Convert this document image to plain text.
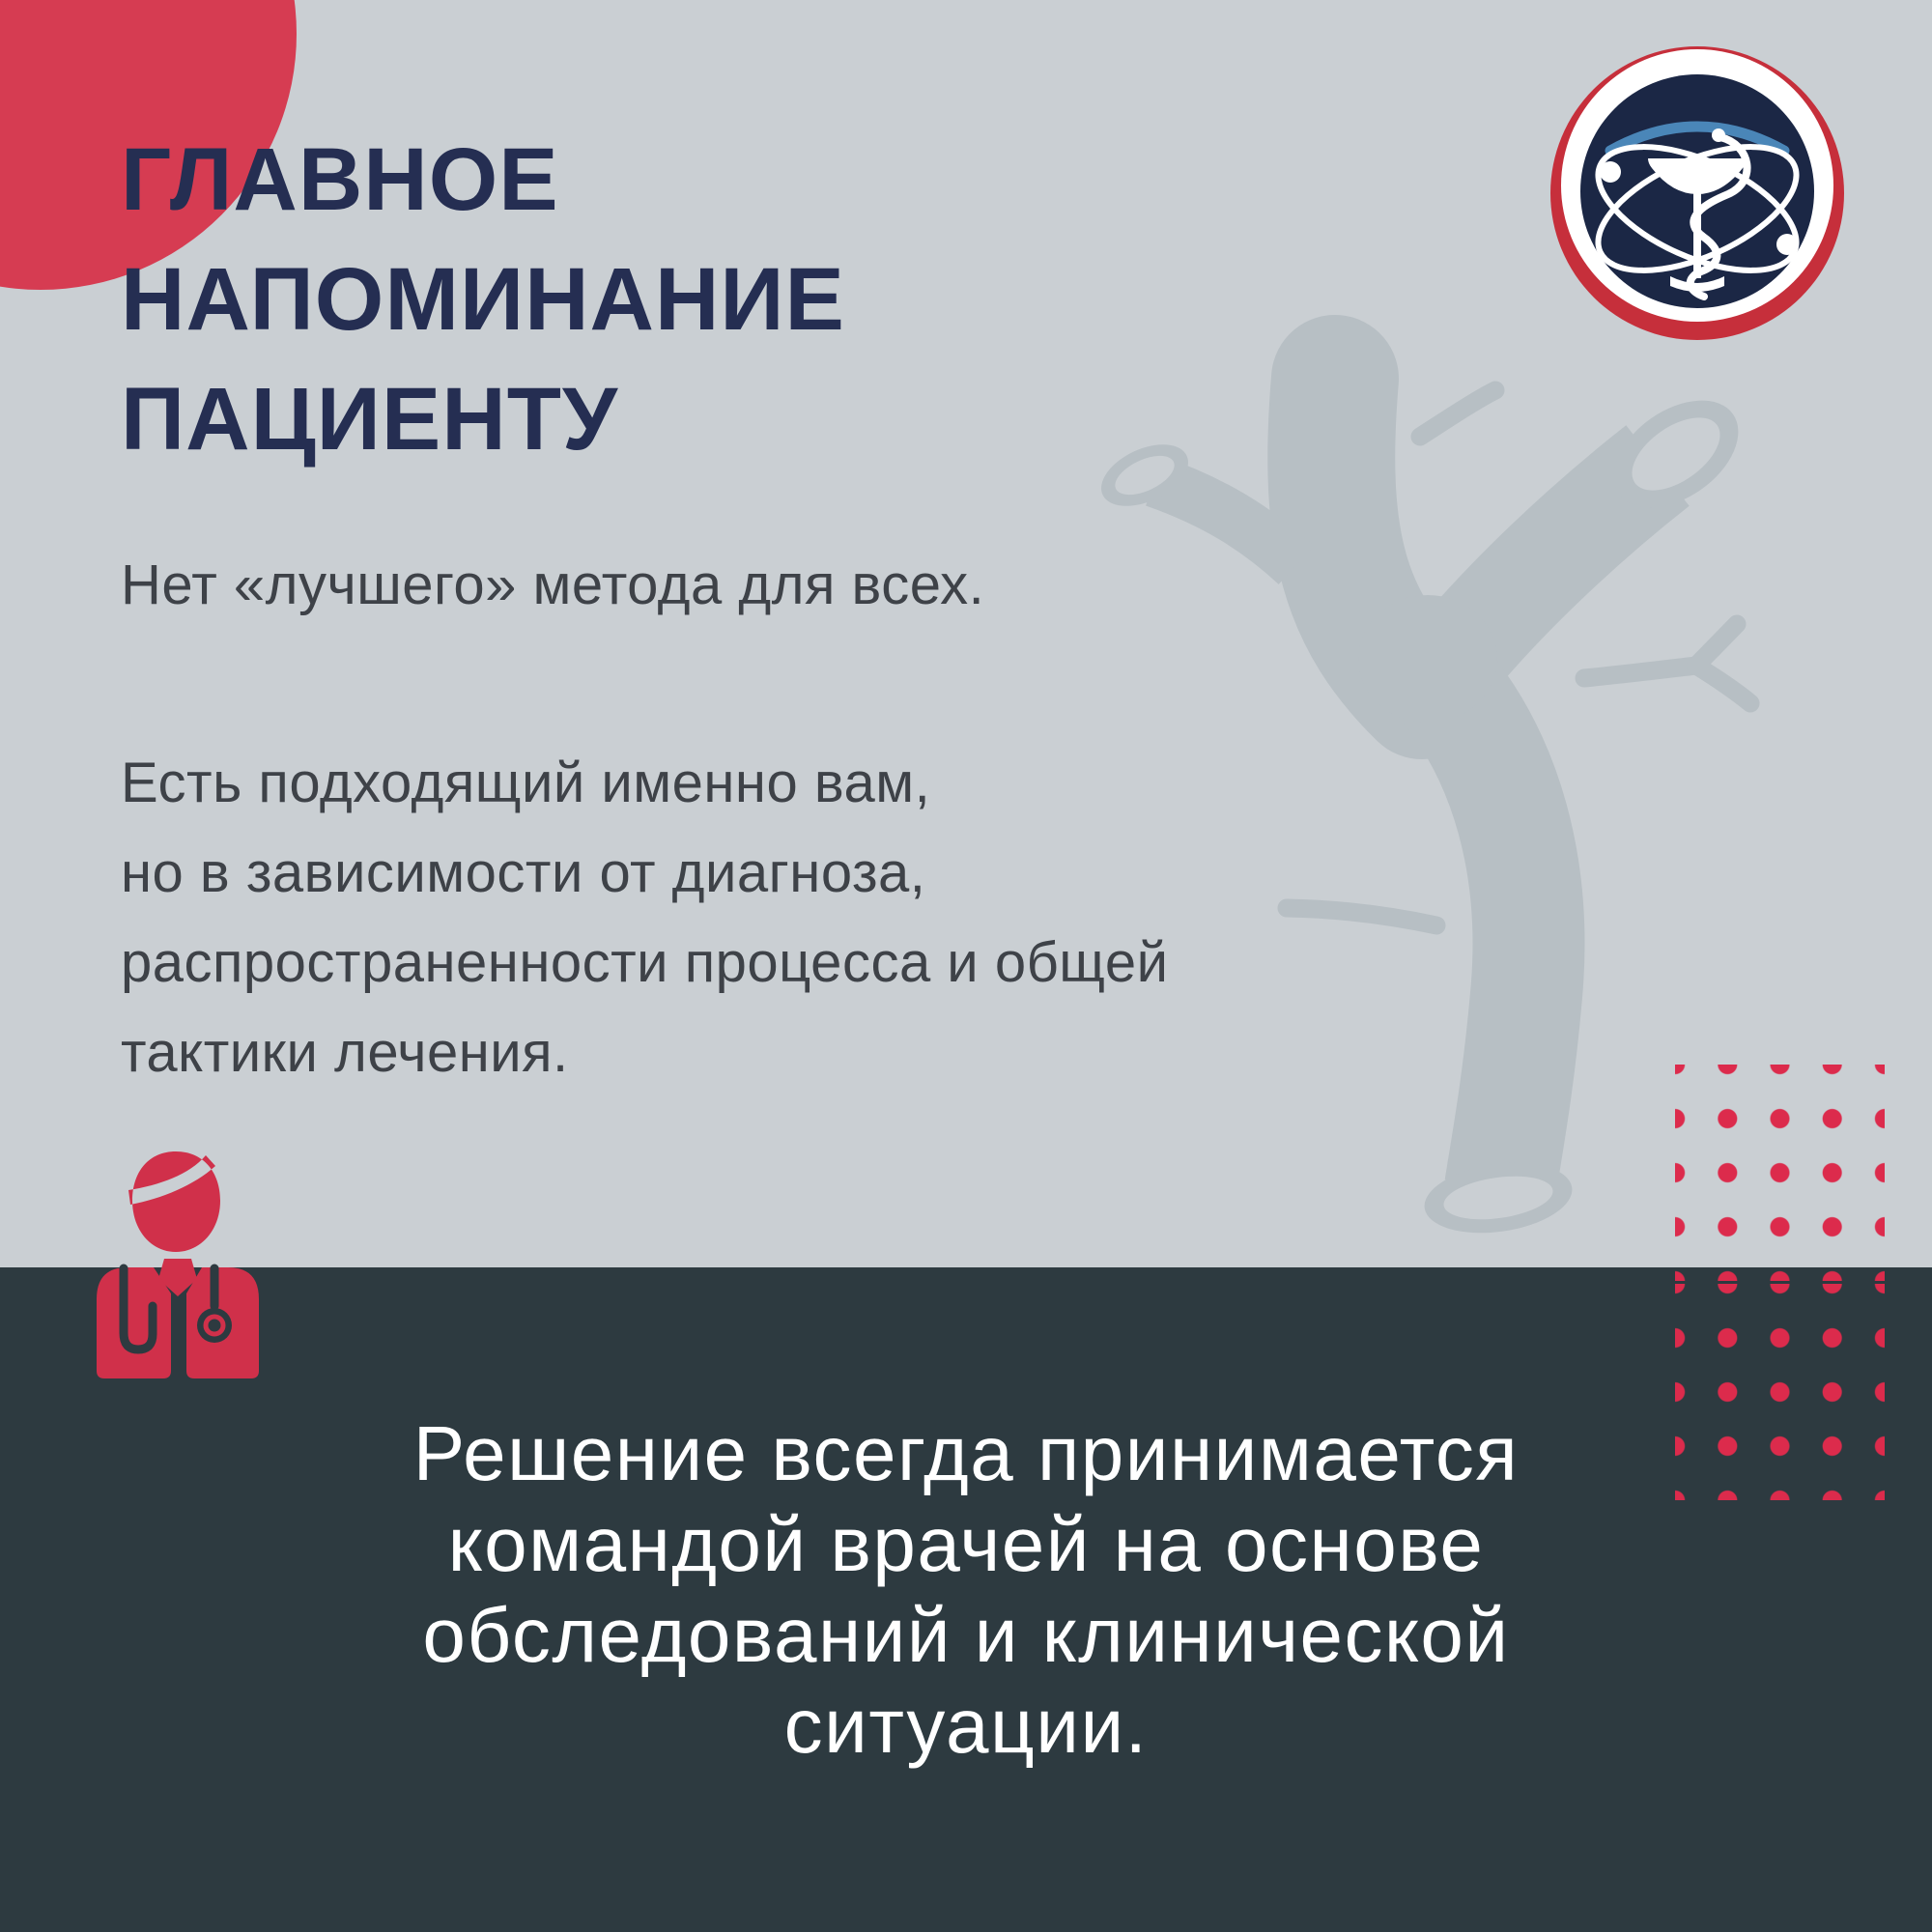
ГЛАВНОЕ
НАПОМИНАНИЕ
ПАЦИЕНТУ
Нет «лучшего» метода для всех.
Есть подходящий именно вам,
но в зависимости от диагноза,
распространенности процесса и общей
тактики лечения.
Решение всегда принимается
командой врачей на основе
обследований и клинической
ситуации.
